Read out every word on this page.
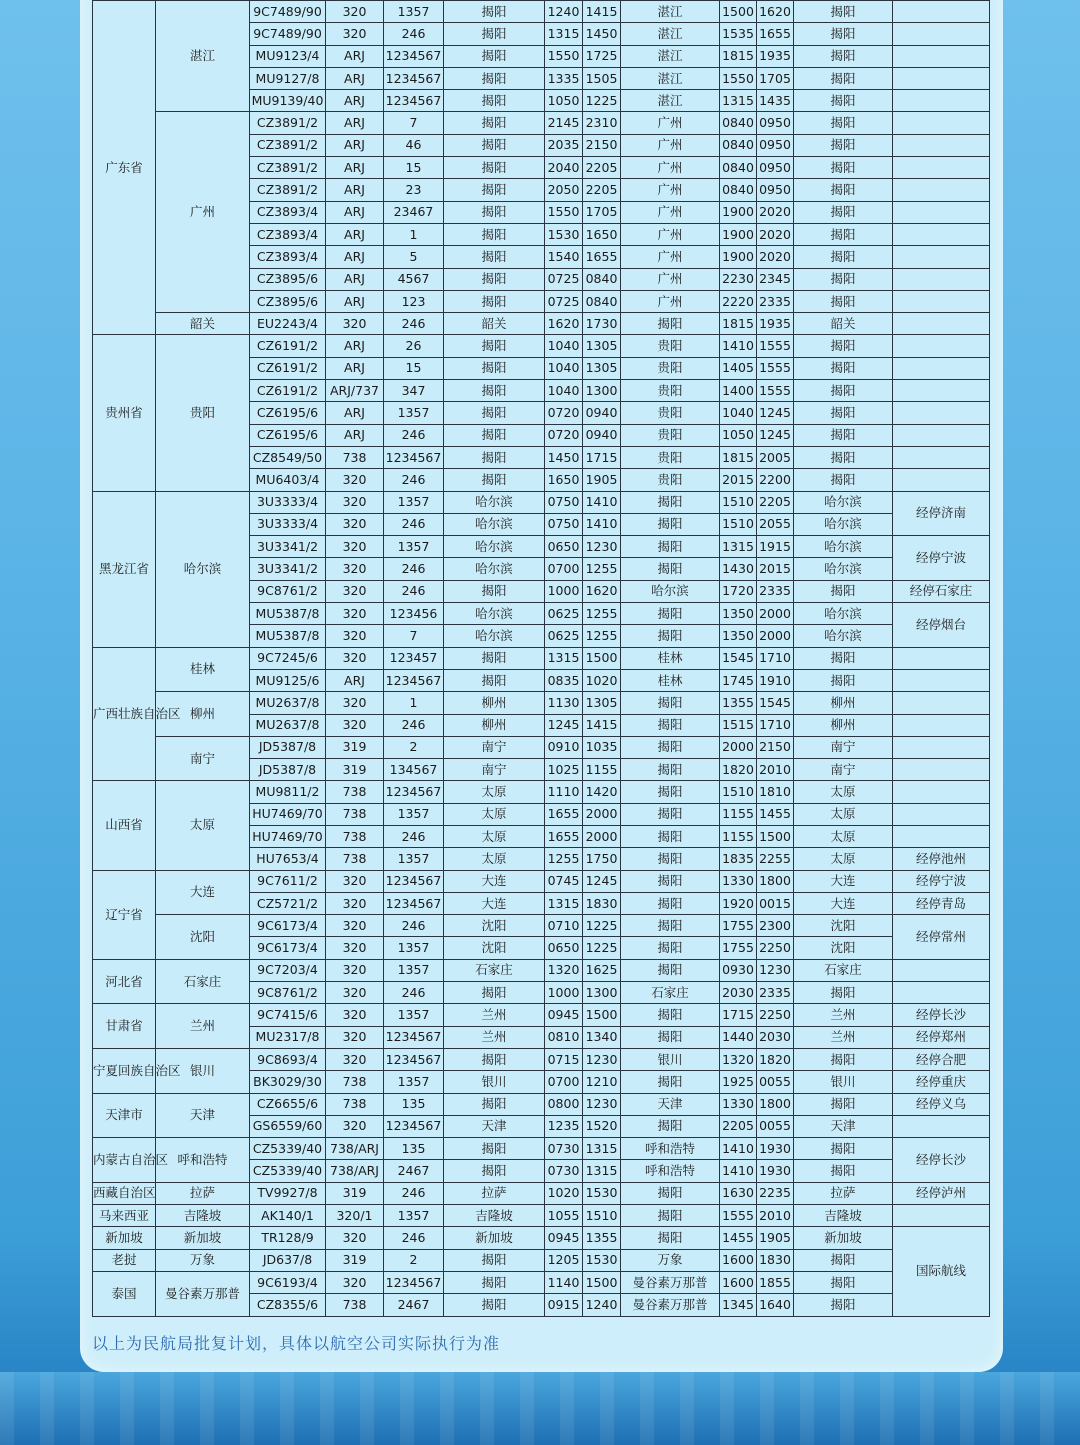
广东省	湛江	9C7489/90	320	1357	揭阳	1240	1415	湛江	1500	1620	揭阳	
		9C7489/90	320	246	揭阳	1315	1450	湛江	1535	1655	揭阳	
		MU9123/4	ARJ	1234567	揭阳	1550	1725	湛江	1815	1935	揭阳	
		MU9127/8	ARJ	1234567	揭阳	1335	1505	湛江	1550	1705	揭阳	
		MU9139/40	ARJ	1234567	揭阳	1050	1225	湛江	1315	1435	揭阳	
	广州	CZ3891/2	ARJ	7	揭阳	2145	2310	广州	0840	0950	揭阳	
		CZ3891/2	ARJ	46	揭阳	2035	2150	广州	0840	0950	揭阳	
		CZ3891/2	ARJ	15	揭阳	2040	2205	广州	0840	0950	揭阳	
		CZ3891/2	ARJ	23	揭阳	2050	2205	广州	0840	0950	揭阳	
		CZ3893/4	ARJ	23467	揭阳	1550	1705	广州	1900	2020	揭阳	
		CZ3893/4	ARJ	1	揭阳	1530	1650	广州	1900	2020	揭阳	
		CZ3893/4	ARJ	5	揭阳	1540	1655	广州	1900	2020	揭阳	
		CZ3895/6	ARJ	4567	揭阳	0725	0840	广州	2230	2345	揭阳	
		CZ3895/6	ARJ	123	揭阳	0725	0840	广州	2220	2335	揭阳	
	韶关	EU2243/4	320	246	韶关	1620	1730	揭阳	1815	1935	韶关	
贵州省	贵阳	CZ6191/2	ARJ	26	揭阳	1040	1305	贵阳	1410	1555	揭阳	
		CZ6191/2	ARJ	15	揭阳	1040	1305	贵阳	1405	1555	揭阳	
		CZ6191/2	ARJ/737	347	揭阳	1040	1300	贵阳	1400	1555	揭阳	
		CZ6195/6	ARJ	1357	揭阳	0720	0940	贵阳	1040	1245	揭阳	
		CZ6195/6	ARJ	246	揭阳	0720	0940	贵阳	1050	1245	揭阳	
		CZ8549/50	738	1234567	揭阳	1450	1715	贵阳	1815	2005	揭阳	
		MU6403/4	320	246	揭阳	1650	1905	贵阳	2015	2200	揭阳	
黑龙江省	哈尔滨	3U3333/4	320	1357	哈尔滨	0750	1410	揭阳	1510	2205	哈尔滨	经停济南
		3U3333/4	320	246	哈尔滨	0750	1410	揭阳	1510	2055	哈尔滨	
		3U3341/2	320	1357	哈尔滨	0650	1230	揭阳	1315	1915	哈尔滨	经停宁波
		3U3341/2	320	246	哈尔滨	0700	1255	揭阳	1430	2015	哈尔滨	
		9C8761/2	320	246	揭阳	1000	1620	哈尔滨	1720	2335	揭阳	经停石家庄
		MU5387/8	320	123456	哈尔滨	0625	1255	揭阳	1350	2000	哈尔滨	经停烟台
		MU5387/8	320	7	哈尔滨	0625	1255	揭阳	1350	2000	哈尔滨	
广西壮族自治区	桂林	9C7245/6	320	123457	揭阳	1315	1500	桂林	1545	1710	揭阳	
		MU9125/6	ARJ	1234567	揭阳	0835	1020	桂林	1745	1910	揭阳	
	柳州	MU2637/8	320	1	柳州	1130	1305	揭阳	1355	1545	柳州	
		MU2637/8	320	246	柳州	1245	1415	揭阳	1515	1710	柳州	
	南宁	JD5387/8	319	2	南宁	0910	1035	揭阳	2000	2150	南宁	
		JD5387/8	319	134567	南宁	1025	1155	揭阳	1820	2010	南宁	
山西省	太原	MU9811/2	738	1234567	太原	1110	1420	揭阳	1510	1810	太原	
		HU7469/70	738	1357	太原	1655	2000	揭阳	1155	1455	太原	
		HU7469/70	738	246	太原	1655	2000	揭阳	1155	1500	太原	
		HU7653/4	738	1357	太原	1255	1750	揭阳	1835	2255	太原	经停池州
辽宁省	大连	9C7611/2	320	1234567	大连	0745	1245	揭阳	1330	1800	大连	经停宁波
		CZ5721/2	320	1234567	大连	1315	1830	揭阳	1920	0015	大连	经停青岛
	沈阳	9C6173/4	320	246	沈阳	0710	1225	揭阳	1755	2300	沈阳	经停常州
		9C6173/4	320	1357	沈阳	0650	1225	揭阳	1755	2250	沈阳	
河北省	石家庄	9C7203/4	320	1357	石家庄	1320	1625	揭阳	0930	1230	石家庄	
		9C8761/2	320	246	揭阳	1000	1300	石家庄	2030	2335	揭阳	
甘肃省	兰州	9C7415/6	320	1357	兰州	0945	1500	揭阳	1715	2250	兰州	经停长沙
		MU2317/8	320	1234567	兰州	0810	1340	揭阳	1440	2030	兰州	经停郑州
宁夏回族自治区	银川	9C8693/4	320	1234567	揭阳	0715	1230	银川	1320	1820	揭阳	经停合肥
		BK3029/30	738	1357	银川	0700	1210	揭阳	1925	0055	银川	经停重庆
天津市	天津	CZ6655/6	738	135	揭阳	0800	1230	天津	1330	1800	揭阳	经停义乌
		GS6559/60	320	1234567	天津	1235	1520	揭阳	2205	0055	天津	
内蒙古自治区	呼和浩特	CZ5339/40	738/ARJ	135	揭阳	0730	1315	呼和浩特	1410	1930	揭阳	经停长沙
		CZ5339/40	738/ARJ	2467	揭阳	0730	1315	呼和浩特	1410	1930	揭阳	
西藏自治区	拉萨	TV9927/8	319	246	拉萨	1020	1530	揭阳	1630	2235	拉萨	经停泸州
马来西亚	吉隆坡	AK140/1	320/1	1357	吉隆坡	1055	1510	揭阳	1555	2010	吉隆坡	
新加坡	新加坡	TR128/9	320	246	新加坡	0945	1355	揭阳	1455	1905	新加坡	国际航线
老挝	万象	JD637/8	319	2	揭阳	1205	1530	万象	1600	1830	揭阳	
泰国	曼谷素万那普	9C6193/4	320	1234567	揭阳	1140	1500	曼谷素万那普	1600	1855	揭阳	
		CZ8355/6	738	2467	揭阳	0915	1240	曼谷素万那普	1345	1640	揭阳	
以上为民航局批复计划，具体以航空公司实际执行为准
